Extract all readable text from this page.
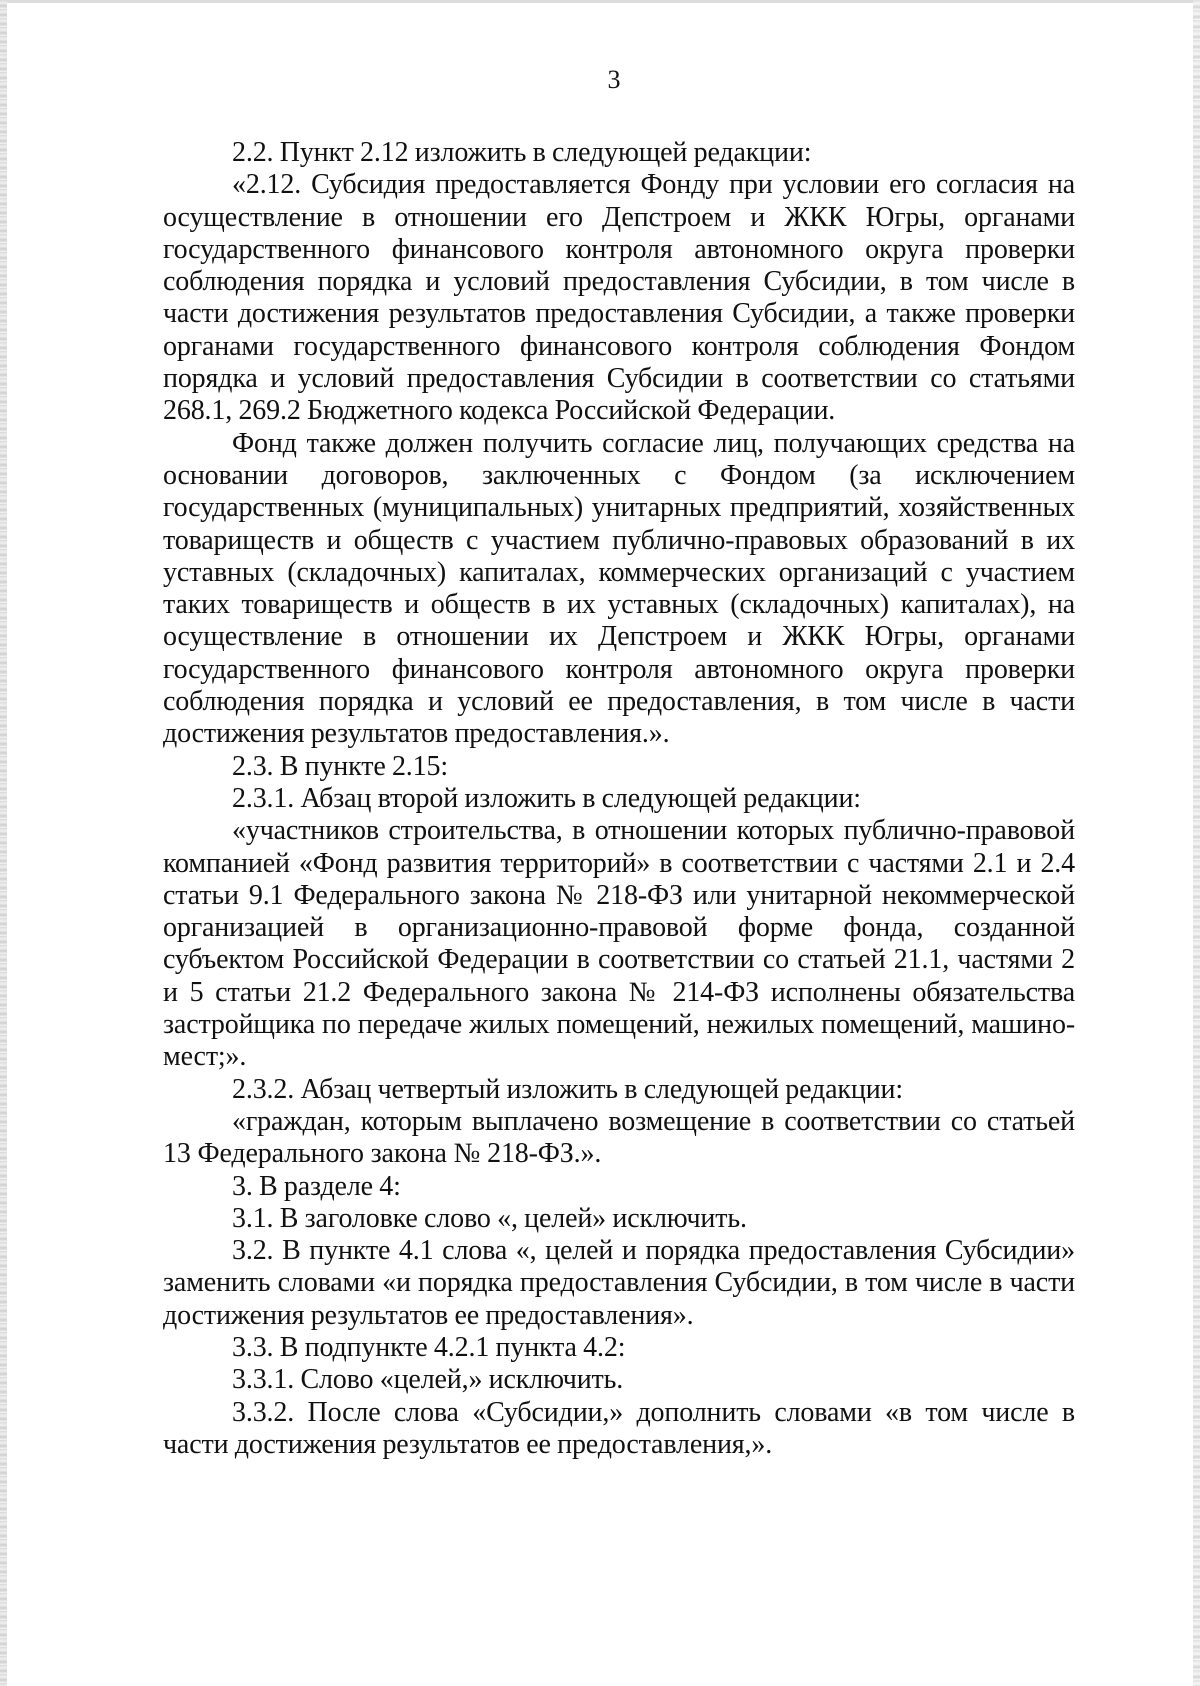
3

2.2. Пункт 2.12 изложить в следующей редакции:

«2.12. Субсидия предоставляется Фонду при условии его согласия на осуществление в отношении его Депстроем и ЖКК Югры, органами государственного финансового контроля автономного округа проверки соблюдения порядка и условий предоставления Субсидии, в том числе в части достижения результатов предоставления Субсидии, а также проверки органами государственного финансового контроля соблюдения Фондом порядка и условий предоставления Субсидии в соответствии со статьями 268.1, 269.2 Бюджетного кодекса Российской Федерации.

Фонд также должен получить согласие лиц, получающих средства на основании договоров, заключенных с Фондом (за исключением государственных (муниципальных) унитарных предприятий, хозяйственных товариществ и обществ с участием публично-правовых образований в их уставных (складочных) капиталах, коммерческих организаций с участием таких товариществ и обществ в их уставных (складочных) капиталах), на осуществление в отношении их Депстроем и ЖКК Югры, органами государственного финансового контроля автономного округа проверки соблюдения порядка и условий ее предоставления, в том числе в части достижения результатов предоставления.».

2.3. В пункте 2.15:

2.3.1. Абзац второй изложить в следующей редакции:

«участников строительства, в отношении которых публично-правовой компанией «Фонд развития территорий» в соответствии с частями 2.1 и 2.4 статьи 9.1 Федерального закона № 218-ФЗ или унитарной некоммерческой организацией в организационно-правовой форме фонда, созданной субъектом Российской Федерации в соответствии со статьей 21.1, частями 2 и 5 статьи 21.2 Федерального закона № 214-ФЗ исполнены обязательства застройщика по передаче жилых помещений, нежилых помещений, машино-мест;».

2.3.2. Абзац четвертый изложить в следующей редакции:

«граждан, которым выплачено возмещение в соответствии со статьей 13 Федерального закона № 218-ФЗ.».

3. В разделе 4:

3.1. В заголовке слово «, целей» исключить.

3.2. В пункте 4.1 слова «, целей и порядка предоставления Субсидии» заменить словами «и порядка предоставления Субсидии, в том числе в части достижения результатов ее предоставления».

3.3. В подпункте 4.2.1 пункта 4.2:

3.3.1. Слово «целей,» исключить.

3.3.2. После слова «Субсидии,» дополнить словами «в том числе в части достижения результатов ее предоставления,».
